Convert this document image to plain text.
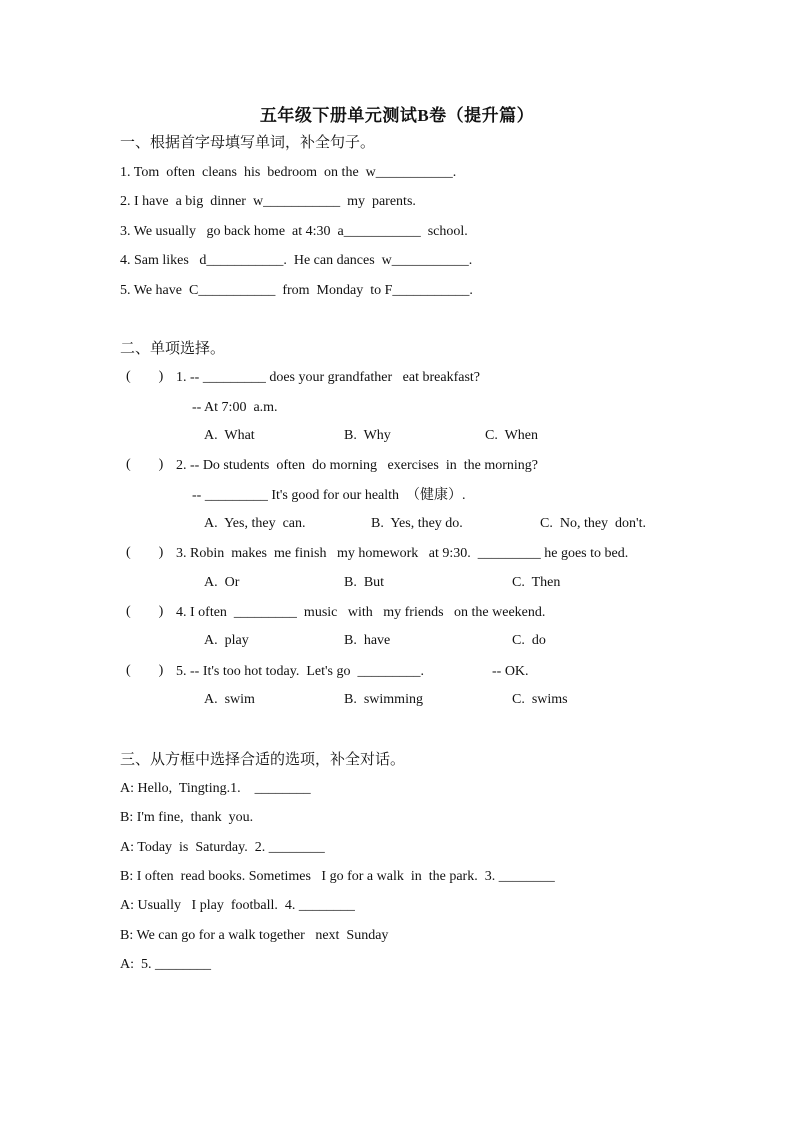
五年级下册单元测试B卷（提升篇）
一、根据首字母填写单词，补全句子。
1. Tom  often  cleans  his  bedroom  on the  w___________.
2. I have  a big  dinner  w___________  my  parents.
3. We usually   go back home  at 4:30  a___________  school.
4. Sam likes   d___________.  He can dances  w___________.
5. We have  C___________  from  Monday  to F___________.
二、单项选择。
(        ) 1. -- _________ does your grandfather   eat breakfast?
-- At 7:00  a.m.
A.  What	B.  Why	C.  When
(        ) 2. -- Do students  often  do morning   exercises  in  the morning?
-- _________ It's good for our health  （健康）.
A.  Yes, they  can.	B.  Yes, they do.	C.  No, they  don't.
(        ) 3. Robin  makes  me finish   my homework   at 9:30.  _________ he goes to bed.
A.  Or	B.  But	C.  Then
(        ) 4. I often  _________  music   with   my friends   on the weekend.
A.  play	B.  have	C.  do
(        ) 5. -- It's too hot today.  Let's go  _________.	-- OK.
A.  swim	B.  swimming	C.  swims
三、从方框中选择合适的选项，补全对话。
A: Hello,  Tingting.1.    ________
B: I'm fine,  thank  you.
A: Today  is  Saturday.  2. ________
B: I often  read books. Sometimes   I go for a walk  in  the park.  3. ________
A: Usually   I play  football.  4. ________
B: We can go for a walk together   next  Sunday
A:  5. ________
